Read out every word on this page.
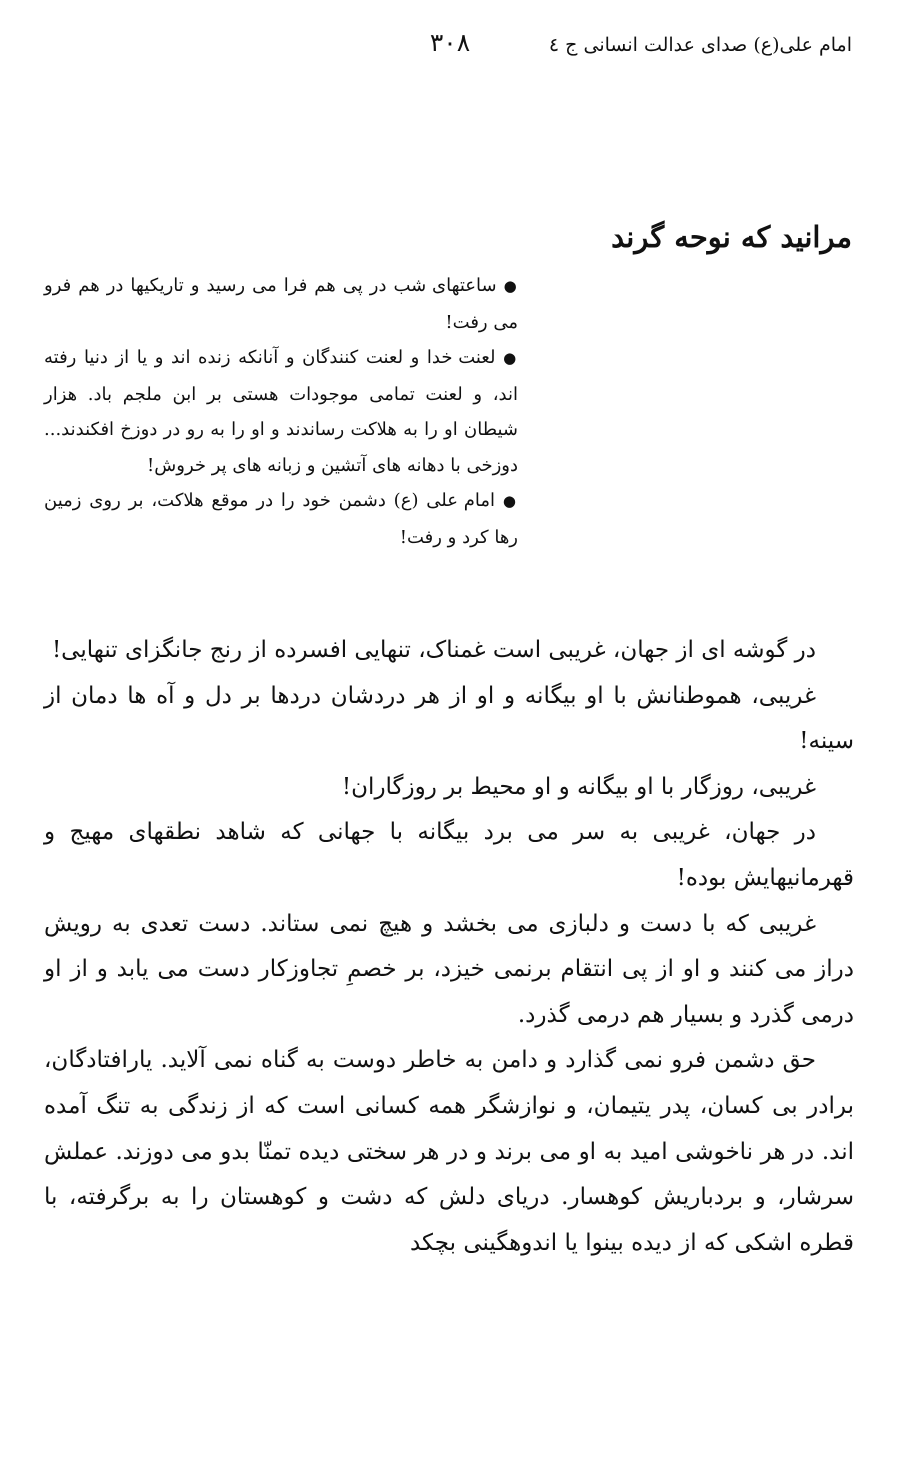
امام علی(ع) صدای عدالت انسانی ج ٤
٣٠٨
مرانید که نوحه گرند

● ساعتهای شب در پی هم فرا می رسید و تاریکیها در هم فرو می رفت!

● لعنت خدا و لعنت کنندگان و آنانکه زنده اند و یا از دنیا رفته اند، و لعنت تمامی موجودات هستی بر ابن ملجم باد. هزار شیطان او را به هلاکت رساندند و او را به رو در دوزخ افکندند... دوزخی با دهانه های آتشین و زبانه های پر خروش!

● امام علی (ع) دشمن خود را در موقع هلاکت، بر روی زمین رها کرد و رفت!

در گوشه ای از جهان، غریبی است غمناک، تنهایی افسرده از رنج جانگزای تنهایی!

غریبی، هموطنانش با او بیگانه و او از هر دردشان دردها بر دل و آه ها دمان از سینه!

غریبی، روزگار با او بیگانه و او محیط بر روزگاران!

در جهان، غریبی به سر می برد بیگانه با جهانی که شاهد نطقهای مهیج و قهرمانیهایش بوده!

غریبی که با دست و دلبازی می بخشد و هیچ نمی ستاند. دست تعدی به رویش دراز می کنند و او از پی انتقام برنمی خیزد، بر خصمِ تجاوزکار دست می یابد و از او درمی گذرد و بسیار هم درمی گذرد.

حق دشمن فرو نمی گذارد و دامن به خاطر دوست به گناه نمی آلاید. یارافتادگان، برادر بی کسان، پدر یتیمان، و نوازشگر همه کسانی است که از زندگی به تنگ آمده اند. در هر ناخوشی امید به او می برند و در هر سختی دیده تمنّا بدو می دوزند. عملش سرشار، و بردباریش کوهسار. دریای دلش که دشت و کوهستان را به برگرفته، با قطره اشکی که از دیده بینوا یا اندوهگینی بچکد
